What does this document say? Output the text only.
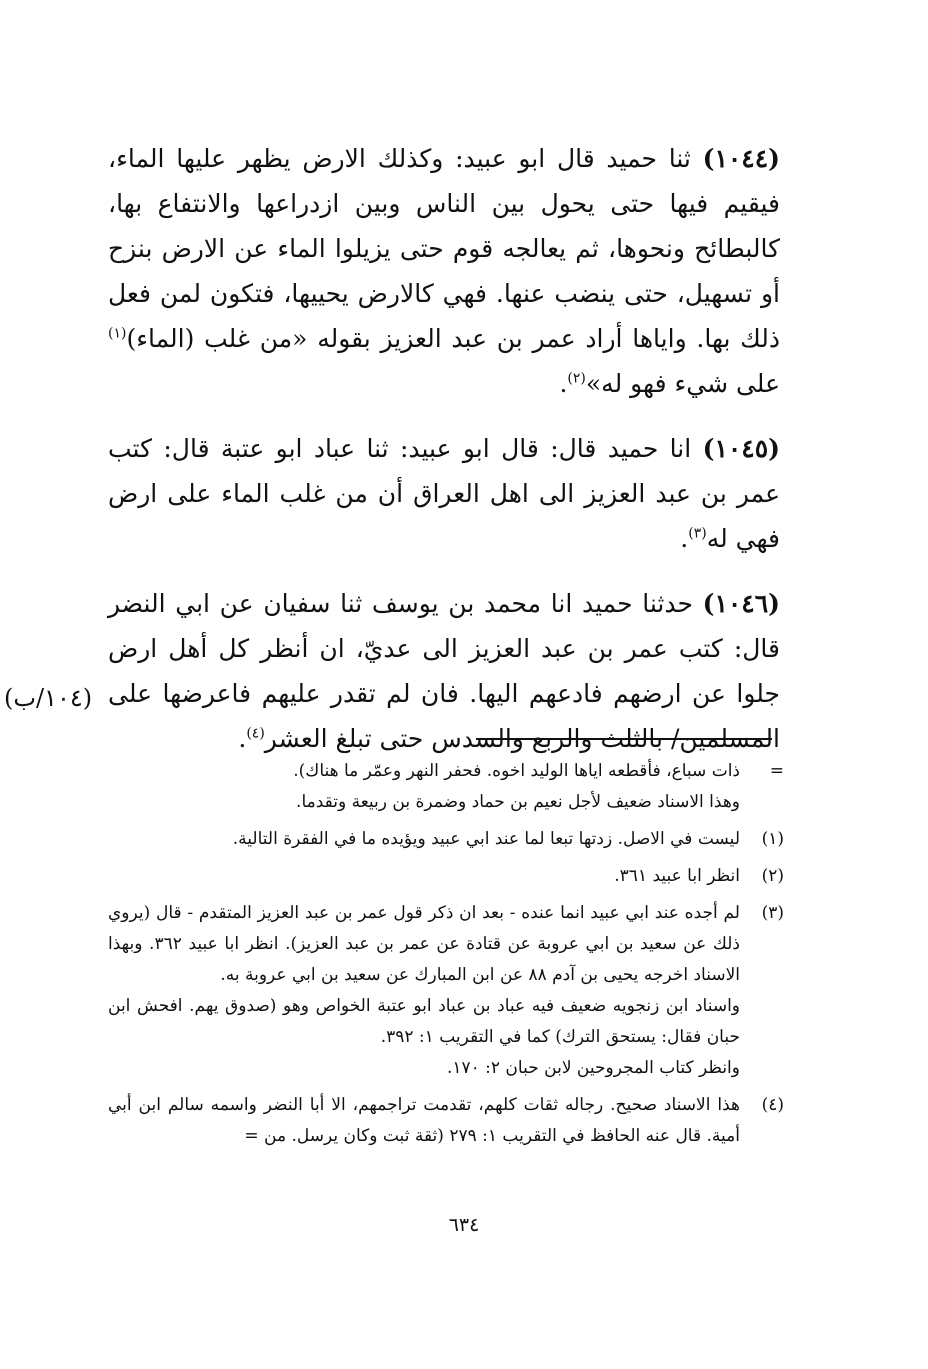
(١٠٤٤) ثنا حميد قال ابو عبيد: وكذلك الارض يظهر عليها الماء، فيقيم فيها حتى يحول بين الناس وبين ازدراعها والانتفاع بها، كالبطائح ونحوها، ثم يعالجه قوم حتى يزيلوا الماء عن الارض بنزح أو تسهيل، حتى ينضب عنها. فهي كالارض يحييها، فتكون لمن فعل ذلك بها. واياها أراد عمر بن عبد العزيز بقوله «من غلب (الماء)$^{(١)}$ على شيء فهو له»$^{(٢)}$.

(١٠٤٥) انا حميد قال: قال ابو عبيد: ثنا عباد ابو عتبة قال: كتب عمر بن عبد العزيز الى اهل العراق أن من غلب الماء على ارض فهي له$^{(٣)}$.

(١٠٤٦) حدثنا حميد انا محمد بن يوسف ثنا سفيان عن ابي النضر قال: كتب عمر بن عبد العزيز الى عديّ، ان أنظر كل أهل ارض جلوا عن ارضهم فادعهم اليها. فان لم تقدر عليهم فاعرضها على المسلمين/ بالثلث والربع والسدس حتى تبلغ العشر$^{(٤)}$.

(١٠٤/ب)
=

ذات سباع، فأقطعه اياها الوليد اخوه. فحفر النهر وعمّر ما هناك).

وهذا الاسناد ضعيف لأجل نعيم بن حماد وضمرة بن ربيعة وتقدما.

(١)

ليست في الاصل. زدتها تبعا لما عند ابي عبيد ويؤيده ما في الفقرة التالية.

(٢)

انظر ابا عبيد ٣٦١.

(٣)

لم أجده عند ابي عبيد انما عنده - بعد ان ذكر قول عمر بن عبد العزيز المتقدم - قال (يروي ذلك عن سعيد بن ابي عروبة عن قتادة عن عمر بن عبد العزيز). انظر ابا عبيد ٣٦٢. وبهذا الاسناد اخرجه يحيى بن آدم ٨٨ عن ابن المبارك عن سعيد بن ابي عروبة به.

واسناد ابن زنجويه ضعيف فيه عباد بن عباد ابو عتبة الخواص وهو (صدوق يهم. افحش ابن حبان فقال: يستحق الترك) كما في التقريب ١: ٣٩٢.

وانظر كتاب المجروحين لابن حبان ٢: ١٧٠.

(٤)

هذا الاسناد صحيح. رجاله ثقات كلهم، تقدمت تراجمهم، الا أبا النضر واسمه سالم ابن أبي أمية. قال عنه الحافظ في التقريب ١: ٢٧٩ (ثقة ثبت وكان يرسل. من =

٦٣٤
